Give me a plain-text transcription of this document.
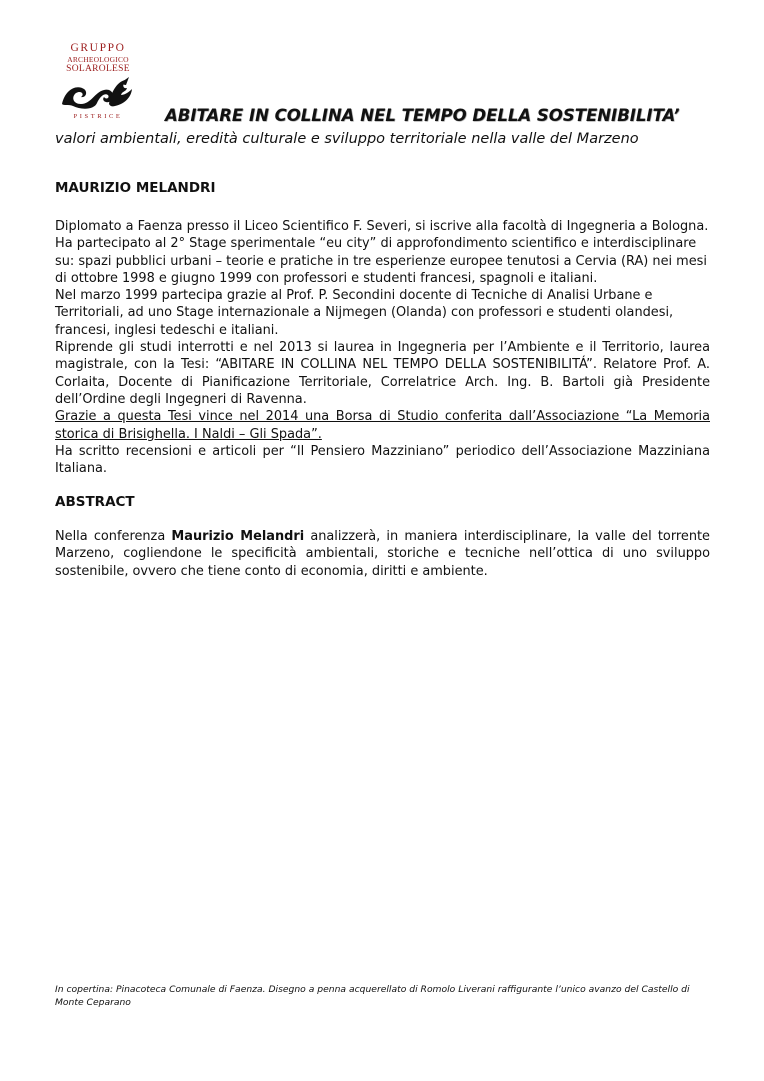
GRUPPO
ARCHEOLOGICO
SOLAROLESE
PISTRICE	ABITARE IN COLLINA NEL TEMPO DELLA SOSTENIBILITA’
valori ambientali, eredità culturale e sviluppo territoriale nella valle del Marzeno
MAURIZIO MELANDRI

Diplomato a Faenza presso il Liceo Scientifico F. Severi, si iscrive alla facoltà di Ingegneria a Bologna.

Ha partecipato al 2° Stage sperimentale “eu city” di approfondimento scientifico e interdisciplinare su: spazi pubblici urbani – teorie e pratiche in tre esperienze europee tenutosi a Cervia (RA) nei mesi di ottobre 1998 e giugno 1999 con professori e studenti francesi, spagnoli e italiani.

Nel marzo 1999 partecipa grazie al Prof. P. Secondini docente di Tecniche di Analisi Urbane e Territoriali, ad uno Stage internazionale a Nijmegen (Olanda) con professori e studenti olandesi, francesi, inglesi tedeschi e italiani.

Riprende gli studi interrotti e nel 2013 si laurea in Ingegneria per l’Ambiente e il Territorio, laurea magistrale, con la Tesi: “ABITARE IN COLLINA NEL TEMPO DELLA SOSTENIBILITÁ”. Relatore Prof. A. Corlaita, Docente di Pianificazione Territoriale, Correlatrice Arch. Ing. B. Bartoli già Presidente dell’Ordine degli Ingegneri di Ravenna.

Grazie a questa Tesi vince nel 2014 una Borsa di Studio conferita dall’Associazione “La Memoria storica di Brisighella. I Naldi – Gli Spada”.

Ha scritto recensioni e articoli per “Il Pensiero Mazziniano” periodico dell’Associazione Mazziniana Italiana.

ABSTRACT

Nella conferenza Maurizio Melandri analizzerà, in maniera interdisciplinare, la valle del torrente Marzeno, cogliendone le specificità ambientali, storiche e tecniche nell’ottica di uno sviluppo sostenibile, ovvero che tiene conto di economia, diritti e ambiente.

In copertina: Pinacoteca Comunale di Faenza. Disegno a penna acquerellato di Romolo Liverani raffigurante l’unico avanzo del Castello di Monte Ceparano
